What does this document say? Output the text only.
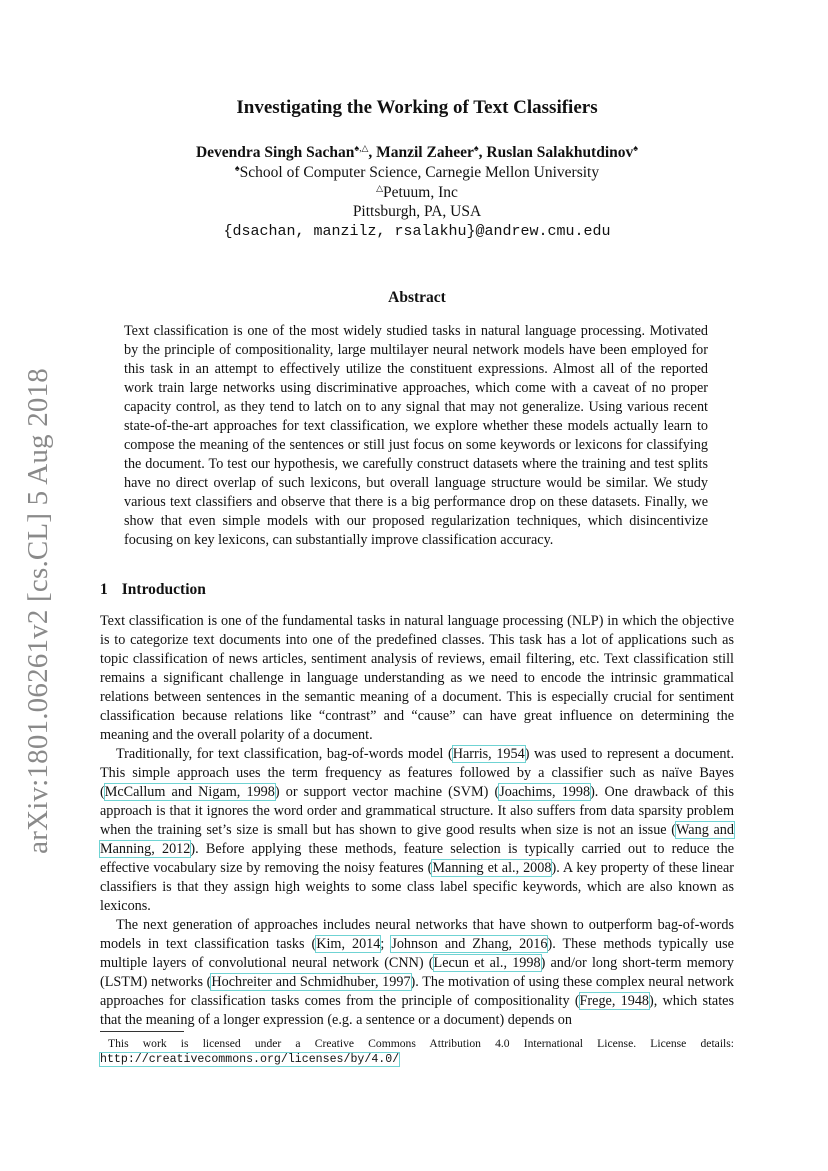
arXiv:1801.06261v2 [cs.CL] 5 Aug 2018
Investigating the Working of Text Classifiers
Devendra Singh Sachan♠,△, Manzil Zaheer♠, Ruslan Salakhutdinov♠
♠School of Computer Science, Carnegie Mellon University
△Petuum, Inc
Pittsburgh, PA, USA
{dsachan, manzilz, rsalakhu}@andrew.cmu.edu
Abstract
Text classification is one of the most widely studied tasks in natural language processing. Motivated by the principle of compositionality, large multilayer neural network models have been employed for this task in an attempt to effectively utilize the constituent expressions. Almost all of the reported work train large networks using discriminative approaches, which come with a caveat of no proper capacity control, as they tend to latch on to any signal that may not generalize. Using various recent state-of-the-art approaches for text classification, we explore whether these models actually learn to compose the meaning of the sentences or still just focus on some keywords or lexicons for classifying the document. To test our hypothesis, we carefully construct datasets where the training and test splits have no direct overlap of such lexicons, but overall language structure would be similar. We study various text classifiers and observe that there is a big performance drop on these datasets. Finally, we show that even simple models with our proposed regularization techniques, which disincentivize focusing on key lexicons, can substantially improve classification accuracy.
1 Introduction

Text classification is one of the fundamental tasks in natural language processing (NLP) in which the objective is to categorize text documents into one of the predefined classes. This task has a lot of applications such as topic classification of news articles, sentiment analysis of reviews, email filtering, etc. Text classification still remains a significant challenge in language understanding as we need to encode the intrinsic grammatical relations between sentences in the semantic meaning of a document. This is especially crucial for sentiment classification because relations like “contrast” and “cause” can have great influence on determining the meaning and the overall polarity of a document.

Traditionally, for text classification, bag-of-words model (Harris, 1954) was used to represent a document. This simple approach uses the term frequency as features followed by a classifier such as naïve Bayes (McCallum and Nigam, 1998) or support vector machine (SVM) (Joachims, 1998). One drawback of this approach is that it ignores the word order and grammatical structure. It also suffers from data sparsity problem when the training set’s size is small but has shown to give good results when size is not an issue (Wang and Manning, 2012). Before applying these methods, feature selection is typically carried out to reduce the effective vocabulary size by removing the noisy features (Manning et al., 2008). A key property of these linear classifiers is that they assign high weights to some class label specific keywords, which are also known as lexicons.

The next generation of approaches includes neural networks that have shown to outperform bag-of-words models in text classification tasks (Kim, 2014; Johnson and Zhang, 2016). These methods typically use multiple layers of convolutional neural network (CNN) (Lecun et al., 1998) and/or long short-term memory (LSTM) networks (Hochreiter and Schmidhuber, 1997). The motivation of using these complex neural network approaches for classification tasks comes from the principle of compositionality (Frege, 1948), which states that the meaning of a longer expression (e.g. a sentence or a document) depends on

This work is licensed under a Creative Commons Attribution 4.0 International License. License details: http://creativecommons.org/licenses/by/4.0/
